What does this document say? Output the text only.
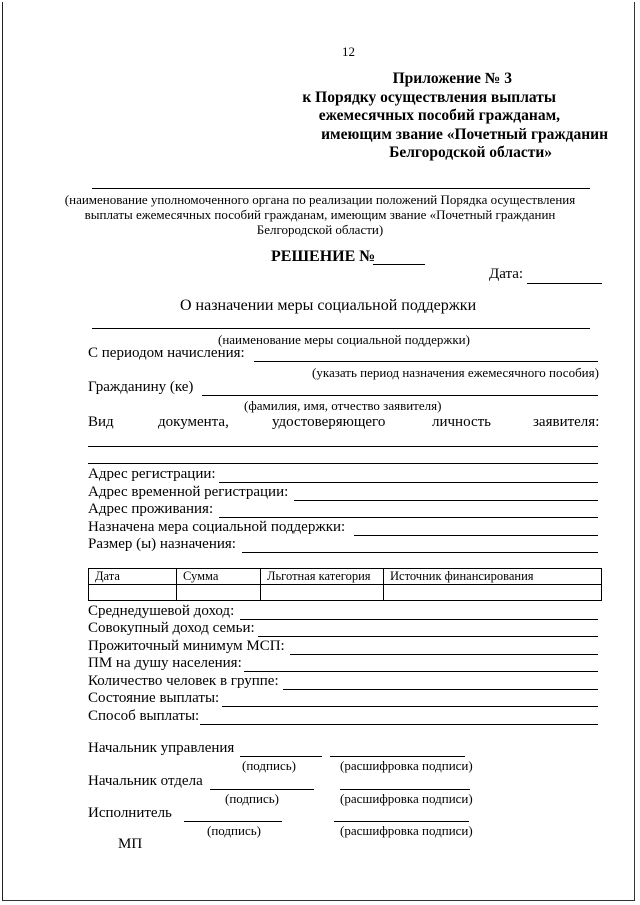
12
Приложение № 3
к Порядку осуществления выплаты
ежемесячных пособий гражданам,
имеющим звание «Почетный гражданин
Белгородской области»
(наименование уполномоченного органа по реализации положений Порядка осуществления
выплаты ежемесячных пособий гражданам, имеющим звание «Почетный гражданин
Белгородской области)
РЕШЕНИЕ №
Дата:
О назначении меры социальной поддержки
(наименование меры социальной поддержки)
С периодом начисления:
(указать период назначения ежемесячного пособия)
Гражданину (ке)
(фамилия, имя, отчество заявителя)
Вид	документа,	удостоверяющего	личность	заявителя:
Адрес регистрации:
Адрес временной регистрации:
Адрес проживания:
Назначена мера социальной поддержки:
Размер (ы) назначения:
Дата	Сумма	Льготная категория	Источник финансирования

Среднедушевой доход:
Совокупный доход семьи:
Прожиточный минимум МСП:
ПМ на душу населения:
Количество человек в группе:
Состояние выплаты:
Способ выплаты:
Начальник управления
(подпись)	(расшифровка подписи)
Начальник отдела
(подпись)	(расшифровка подписи)
Исполнитель
(подпись)	(расшифровка подписи)
МП
